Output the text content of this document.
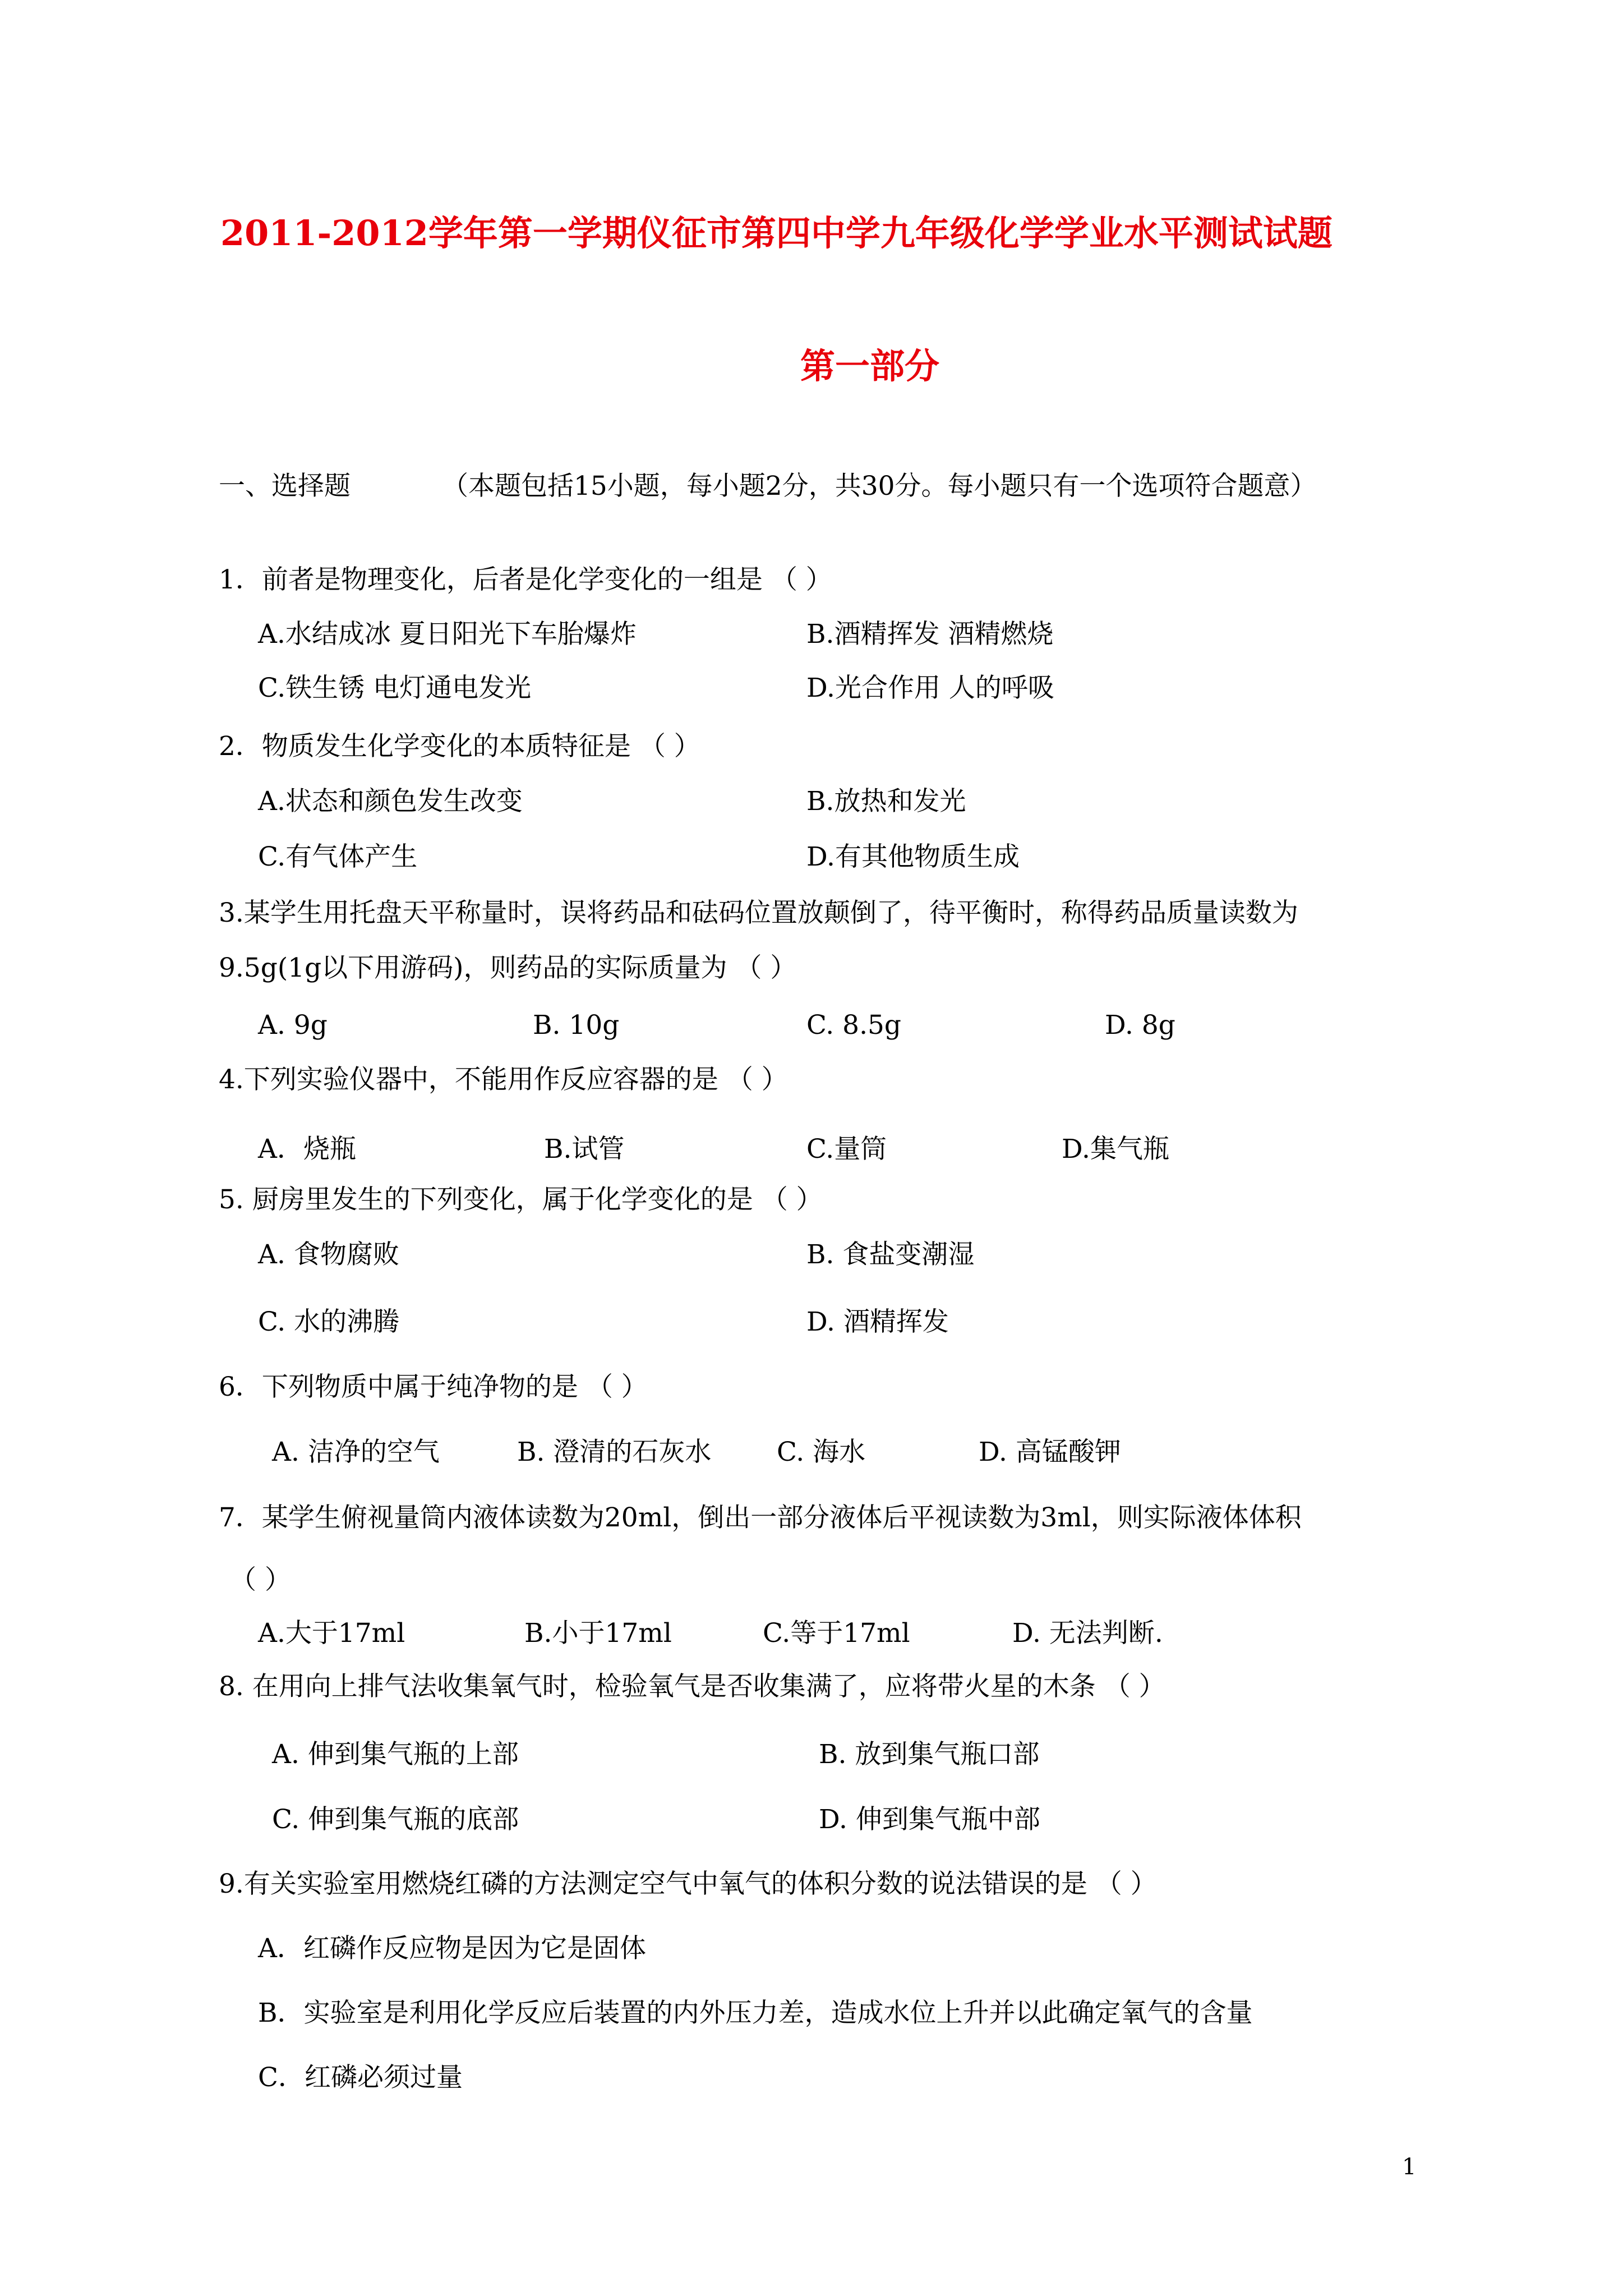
2011-2012学年第一学期仪征市第四中学九年级化学学业水平测试试题
第一部分
一、选择题	（本题包括15小题，每小题2分，共30分。每小题只有一个选项符合题意）
1．前者是物理变化，后者是化学变化的一组是 （ ）
A.水结成冰 夏日阳光下车胎爆炸	B.酒精挥发 酒精燃烧
C.铁生锈 电灯通电发光	D.光合作用 人的呼吸
2．物质发生化学变化的本质特征是 （ ）
A.状态和颜色发生改变	B.放热和发光
C.有气体产生	D.有其他物质生成
3.某学生用托盘天平称量时，误将药品和砝码位置放颠倒了，待平衡时，称得药品质量读数为
9.5g(1g以下用游码)，则药品的实际质量为 （ ）
A. 9g	B. 10g	C. 8.5g	D. 8g
4.下列实验仪器中，不能用作反应容器的是 （ ）
A．烧瓶	B.试管	C.量筒	D.集气瓶
5. 厨房里发生的下列变化，属于化学变化的是 （ ）
A. 食物腐败	B. 食盐变潮湿
C. 水的沸腾	D. 酒精挥发
6．下列物质中属于纯净物的是 （ ）
A. 洁净的空气	B. 澄清的石灰水 C. 海水	D. 高锰酸钾
7．某学生俯视量筒内液体读数为20ml，倒出一部分液体后平视读数为3ml，则实际液体体积
（ ）
A.大于17ml	B.小于17ml	C.等于17ml	D. 无法判断.
8. 在用向上排气法收集氧气时，检验氧气是否收集满了，应将带火星的木条 （ ）
A. 伸到集气瓶的上部	B. 放到集气瓶口部
C. 伸到集气瓶的底部	D. 伸到集气瓶中部
9.有关实验室用燃烧红磷的方法测定空气中氧气的体积分数的说法错误的是 （ ）
A．红磷作反应物是因为它是固体
B．实验室是利用化学反应后装置的内外压力差，造成水位上升并以此确定氧气的含量
C．红磷必须过量
1
